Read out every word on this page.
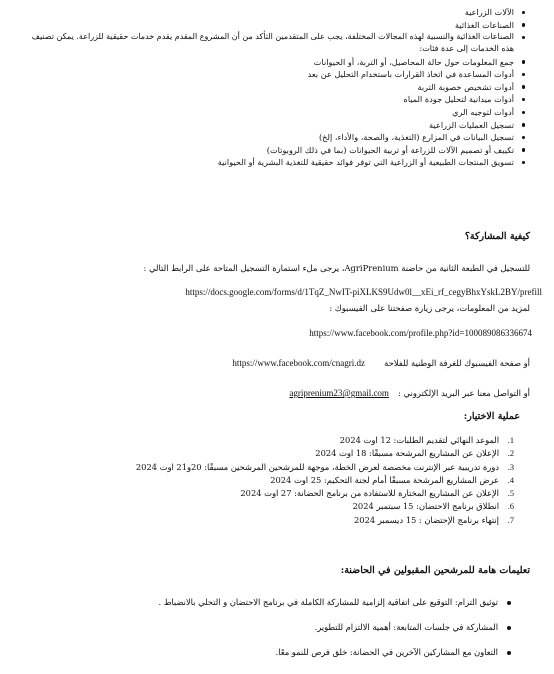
الآلات الزراعية
الصناعات الغذائية
الصناعات الغذائية والنسبية لهذه المجالات المختلفة، يجب على المتقدمين التأكد من أن المشروع المقدم يقدم خدمات حقيقية للزراعة. يمكن تصنيف هذه الخدمات إلى عدة فئات:
جمع المعلومات حول حالة المحاصيل، أو التربة، أو الحيوانات
أدوات المساعدة في اتخاذ القرارات باستخدام التحليل عن بعد
أدوات تشخيص خصوبة التربة
أدوات ميدانية لتحليل جودة المياه
أدوات لتوجيه الري
تسجيل العمليات الزراعية
تسجيل البيانات في المزارع (التغذية، والصحة، والأداء، إلخ)
تكييف أو تصميم الآلات للزراعة أو تربية الحيوانات (بما في ذلك الروبوتات)
تسويق المنتجات الطبيعية أو الزراعية التي توفر فوائد حقيقية للتغذية البشرية أو الحيوانية
كيفية المشاركة؟
للتسجيل في الطبعة الثانية من حاضنة AgriPrenium، يرجى ملء استمارة التسجيل المتاحة على الرابط التالي :
https://docs.google.com/forms/d/1TqZ_NwIT-piXLKS9Udw0l__xEi_rf_cegyBhxYskL2BY/prefill
لمزيد من المعلومات، يرجى زيارة صفحتنا على الفيسبوك :
https://www.facebook.com/profile.php?id=100089086336674
أو صفحة الفيسبوك للغرفة الوطنية للفلاحة https://www.facebook.com/cnagri.dz
أو التواصل معنا عبر البريد الإلكتروني : agriprenium23@gmail.com
عملية الاختيار:
1.
الموعد النهائي لتقديم الطلبات: 12 اوت 2024
2.
الإعلان عن المشاريع المرشحة مسبقًا: 18 اوت 2024
3.
دورة تدريبية عبر الإنترنت مخصصة لعرض الخطة، موجهة للمرشحين المرشحين مسبقًا: 20و21 اوت 2024
4.
عرض المشاريع المرشحة مسبقًا أمام لجنة التحكيم: 25 اوت 2024
5.
الإعلان عن المشاريع المختارة للاستفادة من برنامج الحضانة: 27 اوت 2024
6.
انطلاق برنامج الاحتضان: 15 سبتمبر 2024
7.
إنتهاء برنامج الإحتضان : 15 ديسمبر 2024
تعليمات هامة للمرشحين المقبولين في الحاضنة:
توثيق التزام: التوقيع على اتفاقية إلزامية للمشاركة الكاملة في برنامج الاحتضان و التحلي بالانضباط .
المشاركة في جلسات المتابعة: أهمية الالتزام للتطوير.
التعاون مع المشاركين الآخرين في الحضانة: خلق فرص للنمو معًا.
